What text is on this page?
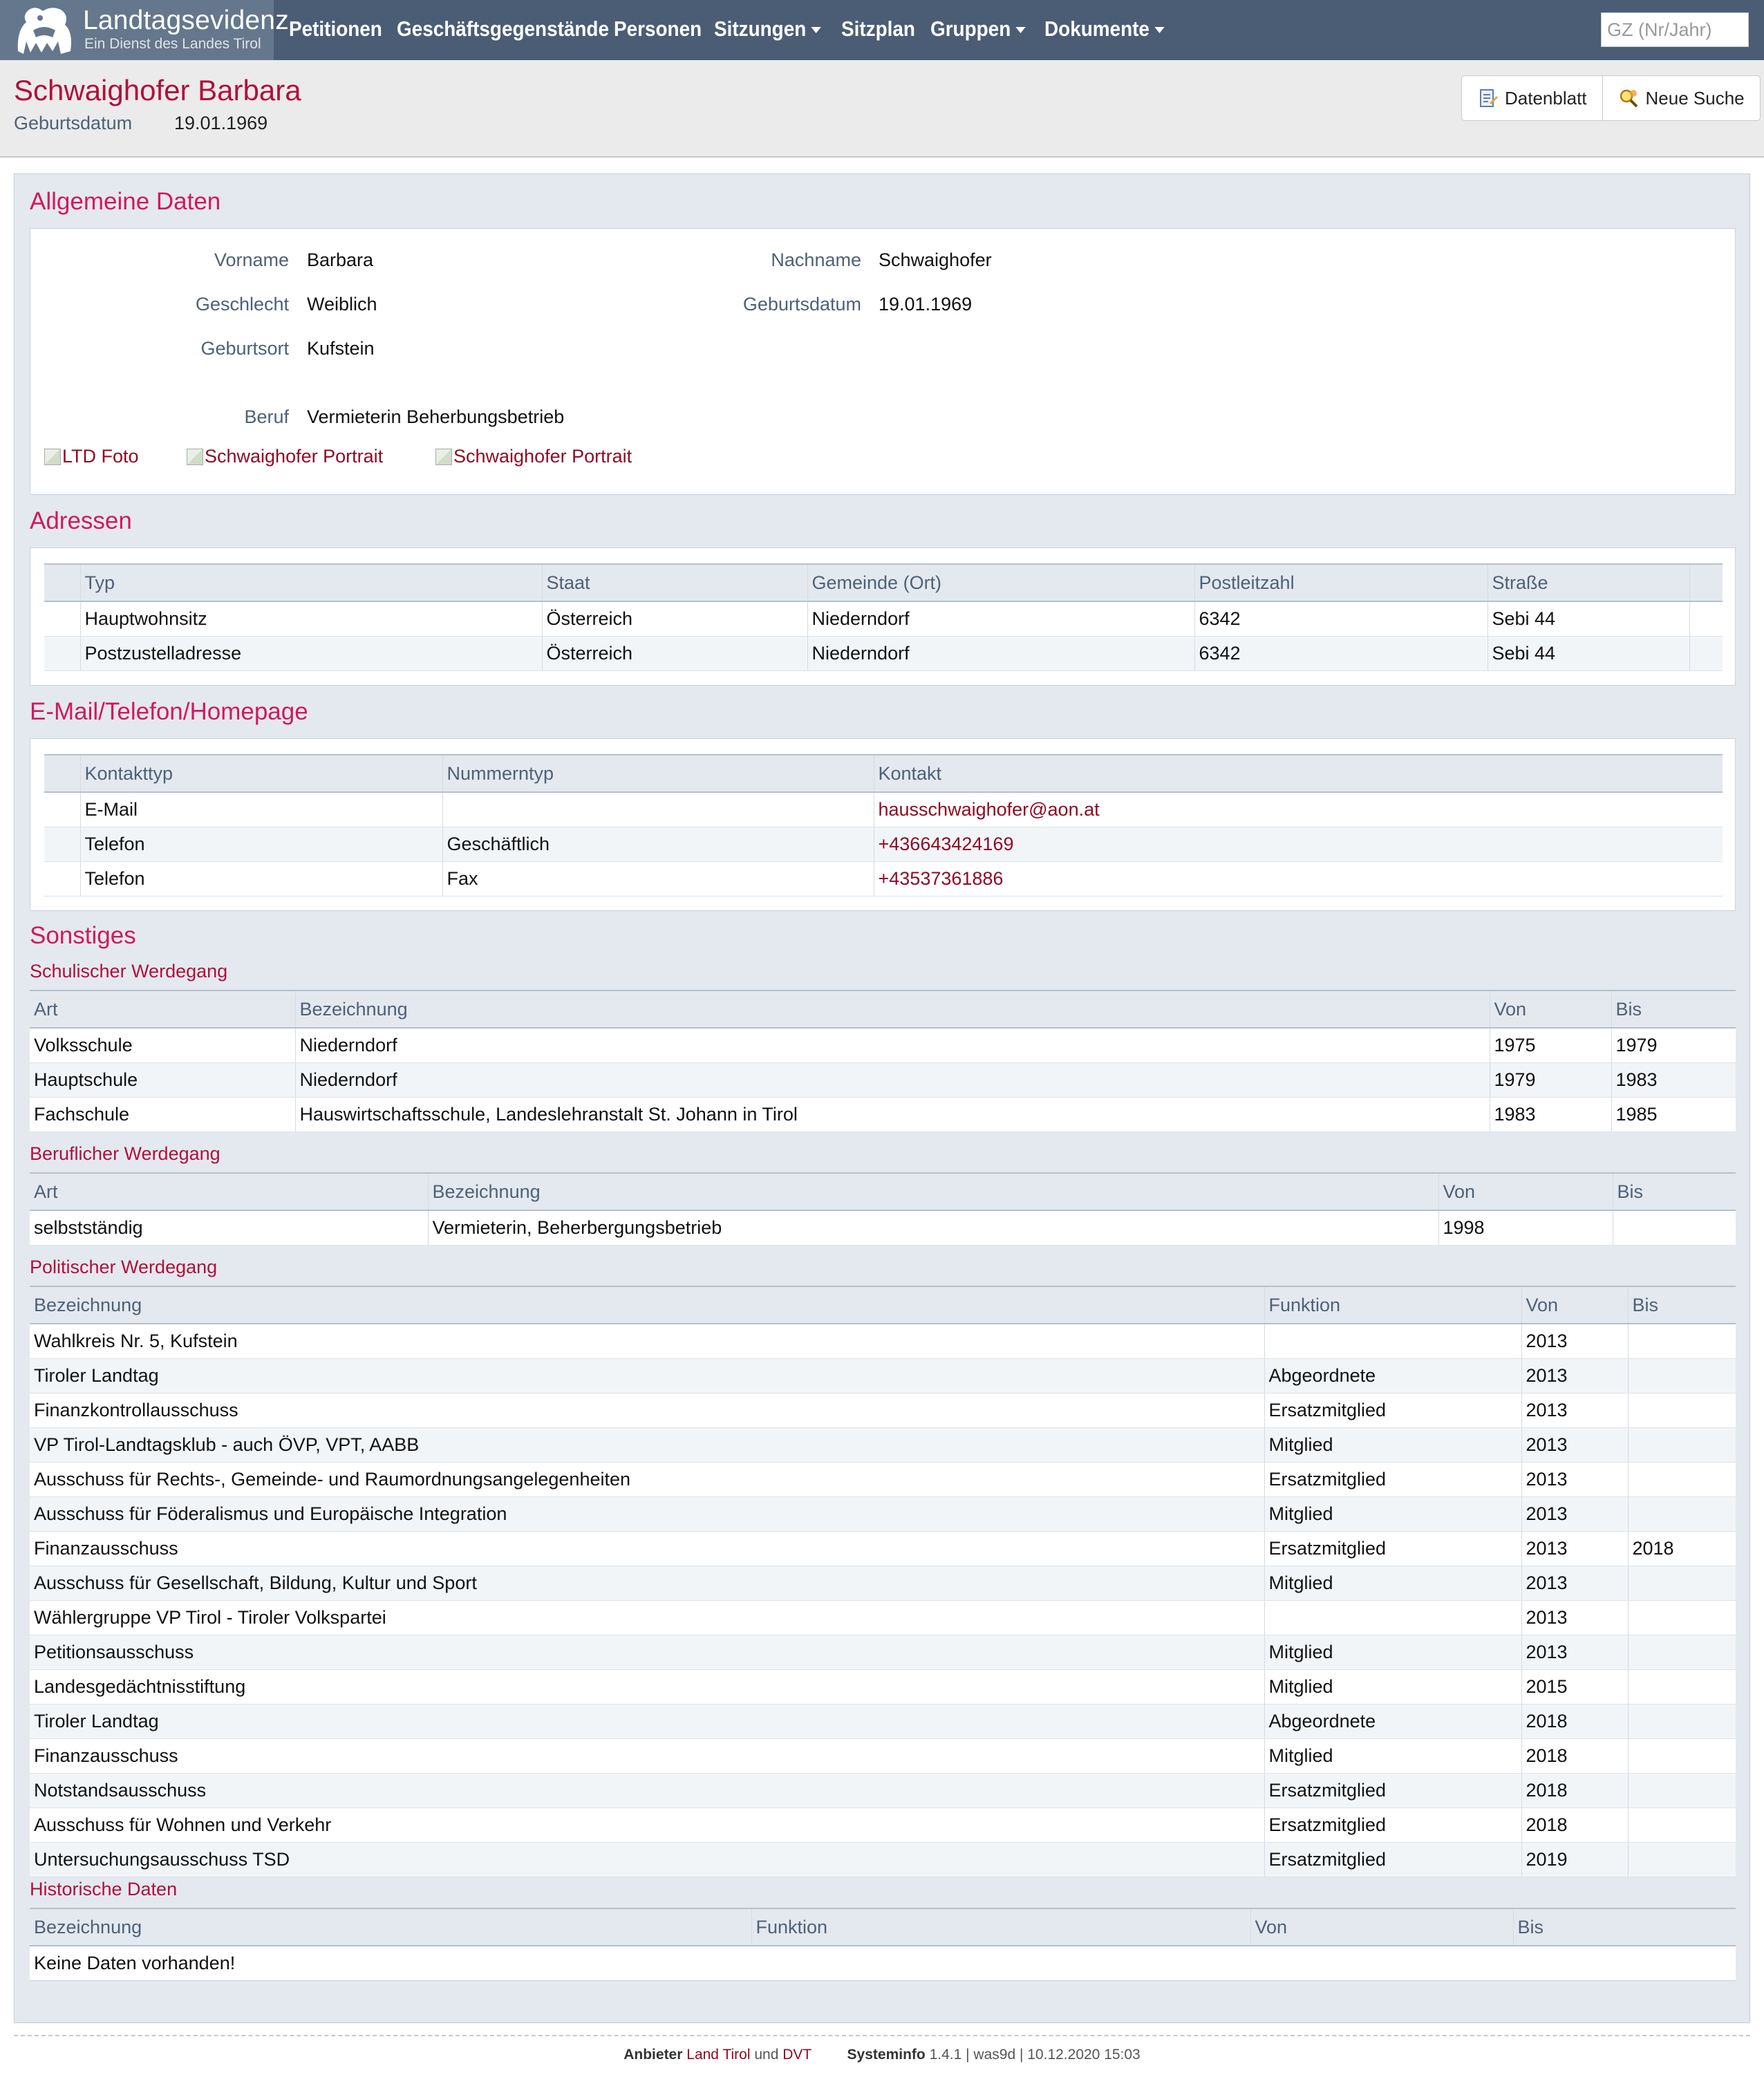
Landtagsevidenz
Ein Dienst des Landes Tirol
Petitionen Geschäftsgegenstände Personen Sitzungen	Sitzplan Gruppen	Dokumente
GZ (Nr/Jahr)
Schwaighofer Barbara
Geburtsdatum 19.01.1969
Datenblatt	Neue Suche
Allgemeine Daten
Vorname Barbara	Nachname Schwaighofer
Geschlecht Weiblich	Geburtsdatum 19.01.1969
Geburtsort Kufstein
Beruf Vermieterin Beherbungsbetrieb
LTD Foto	Schwaighofer Portrait	Schwaighofer Portrait
Adressen
	Typ	Staat	Gemeinde (Ort)	Postleitzahl	Straße	
	Hauptwohnsitz	Österreich	Niederndorf	6342	Sebi 44	
	Postzustelladresse	Österreich	Niederndorf	6342	Sebi 44	
E-Mail/Telefon/Homepage
	Kontakttyp	Nummerntyp	Kontakt
	E-Mail		hausschwaighofer@aon.at
	Telefon	Geschäftlich	+436643424169
	Telefon	Fax	+43537361886
Sonstiges
Schulischer Werdegang
Art	Bezeichnung	Von	Bis
Volksschule	Niederndorf	1975	1979
Hauptschule	Niederndorf	1979	1983
Fachschule	Hauswirtschaftsschule, Landeslehranstalt St. Johann in Tirol	1983	1985
Beruflicher Werdegang
Art	Bezeichnung	Von	Bis
selbstständig	Vermieterin, Beherbergungsbetrieb	1998	
Politischer Werdegang
Bezeichnung	Funktion	Von	Bis
Wahlkreis Nr. 5, Kufstein		2013	
Tiroler Landtag	Abgeordnete	2013	
Finanzkontrollausschuss	Ersatzmitglied	2013	
VP Tirol-Landtagsklub - auch ÖVP, VPT, AABB	Mitglied	2013	
Ausschuss für Rechts-, Gemeinde- und Raumordnungsangelegenheiten	Ersatzmitglied	2013	
Ausschuss für Föderalismus und Europäische Integration	Mitglied	2013	
Finanzausschuss	Ersatzmitglied	2013	2018
Ausschuss für Gesellschaft, Bildung, Kultur und Sport	Mitglied	2013	
Wählergruppe VP Tirol - Tiroler Volkspartei		2013	
Petitionsausschuss	Mitglied	2013	
Landesgedächtnisstiftung	Mitglied	2015	
Tiroler Landtag	Abgeordnete	2018	
Finanzausschuss	Mitglied	2018	
Notstandsausschuss	Ersatzmitglied	2018	
Ausschuss für Wohnen und Verkehr	Ersatzmitglied	2018	
Untersuchungsausschuss TSD	Ersatzmitglied	2019	
Historische Daten
Bezeichnung	Funktion	Von	Bis
Keine Daten vorhanden!
Anbieter Land Tirol und DVT Systeminfo 1.4.1 | was9d | 10.12.2020 15:03
